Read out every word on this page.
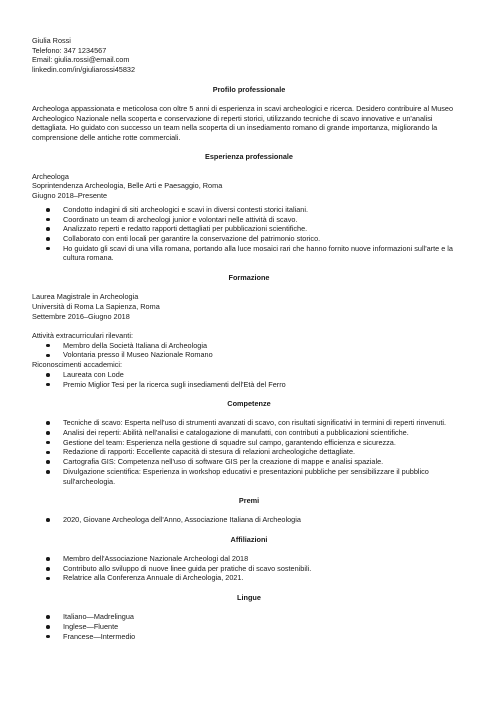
Giulia Rossi
Telefono: 347 1234567
Email: giulia.rossi@email.com
linkedin.com/in/giuliarossi45832

Profilo professionale

Archeologa appassionata e meticolosa con oltre 5 anni di esperienza in scavi archeologici e ricerca. Desidero contribuire al Museo Archeologico Nazionale nella scoperta e conservazione di reperti storici, utilizzando tecniche di scavo innovative e un'analisi dettagliata. Ho guidato con successo un team nella scoperta di un insediamento romano di grande importanza, migliorando la comprensione delle antiche rotte commerciali.

Esperienza professionale

Archeologa
Soprintendenza Archeologia, Belle Arti e Paesaggio, Roma
Giugno 2018–Presente
Condotto indagini di siti archeologici e scavi in diversi contesti storici italiani.
Coordinato un team di archeologi junior e volontari nelle attività di scavo.
Analizzato reperti e redatto rapporti dettagliati per pubblicazioni scientifiche.
Collaborato con enti locali per garantire la conservazione del patrimonio storico.
Ho guidato gli scavi di una villa romana, portando alla luce mosaici rari che hanno fornito nuove informazioni sull'arte e la cultura romana.

Formazione

Laurea Magistrale in Archeologia
Università di Roma La Sapienza, Roma
Settembre 2016–Giugno 2018
Attività extracurriculari rilevanti:
Membro della Società Italiana di Archeologia
Volontaria presso il Museo Nazionale Romano
Riconoscimenti accademici:
Laureata con Lode
Premio Miglior Tesi per la ricerca sugli insediamenti dell'Età del Ferro

Competenze

Tecniche di scavo: Esperta nell'uso di strumenti avanzati di scavo, con risultati significativi in termini di reperti rinvenuti.
Analisi dei reperti: Abilità nell'analisi e catalogazione di manufatti, con contributi a pubblicazioni scientifiche.
Gestione del team: Esperienza nella gestione di squadre sul campo, garantendo efficienza e sicurezza.
Redazione di rapporti: Eccellente capacità di stesura di relazioni archeologiche dettagliate.
Cartografia GIS: Competenza nell'uso di software GIS per la creazione di mappe e analisi spaziale.
Divulgazione scientifica: Esperienza in workshop educativi e presentazioni pubbliche per sensibilizzare il pubblico sull'archeologia.

Premi

2020, Giovane Archeologa dell'Anno, Associazione Italiana di Archeologia

Affiliazioni

Membro dell'Associazione Nazionale Archeologi dal 2018
Contributo allo sviluppo di nuove linee guida per pratiche di scavo sostenibili.
Relatrice alla Conferenza Annuale di Archeologia, 2021.

Lingue

Italiano—Madrelingua
Inglese—Fluente
Francese—Intermedio
